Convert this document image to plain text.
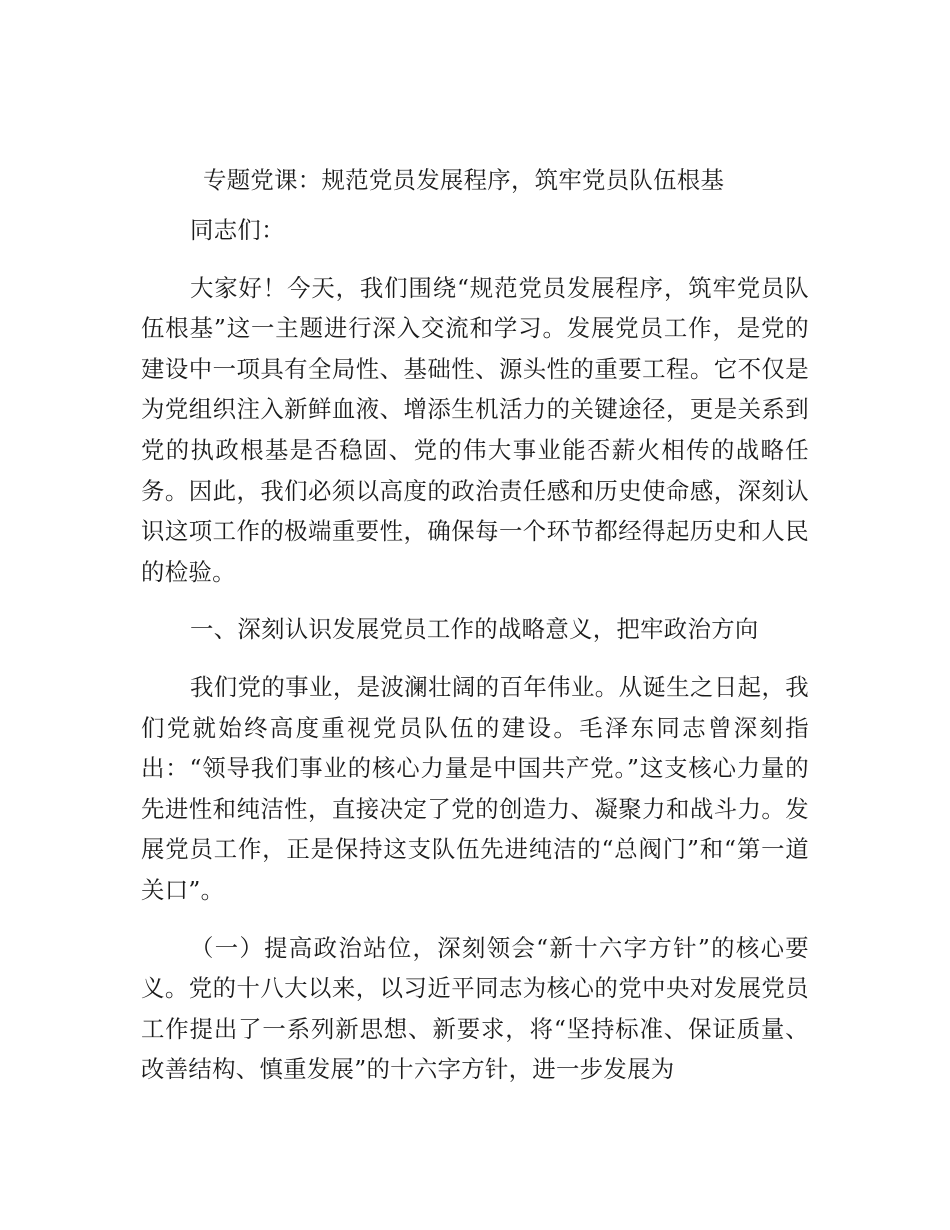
专题党课：规范党员发展程序，筑牢党员队伍根基
同志们：
大家好！今天，我们围绕“规范党员发展程序，筑牢党员队伍根基”这一主题进行深入交流和学习。发展党员工作，是党的建设中一项具有全局性、基础性、源头性的重要工程。它不仅是为党组织注入新鲜血液、增添生机活力的关键途径，更是关系到党的执政根基是否稳固、党的伟大事业能否薪火相传的战略任务。因此，我们必须以高度的政治责任感和历史使命感，深刻认识这项工作的极端重要性，确保每一个环节都经得起历史和人民的检验。
一、深刻认识发展党员工作的战略意义，把牢政治方向
我们党的事业，是波澜壮阔的百年伟业。从诞生之日起，我们党就始终高度重视党员队伍的建设。毛泽东同志曾深刻指出：“领导我们事业的核心力量是中国共产党。”这支核心力量的先进性和纯洁性，直接决定了党的创造力、凝聚力和战斗力。发展党员工作，正是保持这支队伍先进纯洁的“总阀门”和“第一道关口”。
（一）提高政治站位，深刻领会“新十六字方针”的核心要义。党的十八大以来，以习近平同志为核心的党中央对发展党员工作提出了一系列新思想、新要求，将“坚持标准、保证质量、改善结构、慎重发展”的十六字方针，进一步发展为
